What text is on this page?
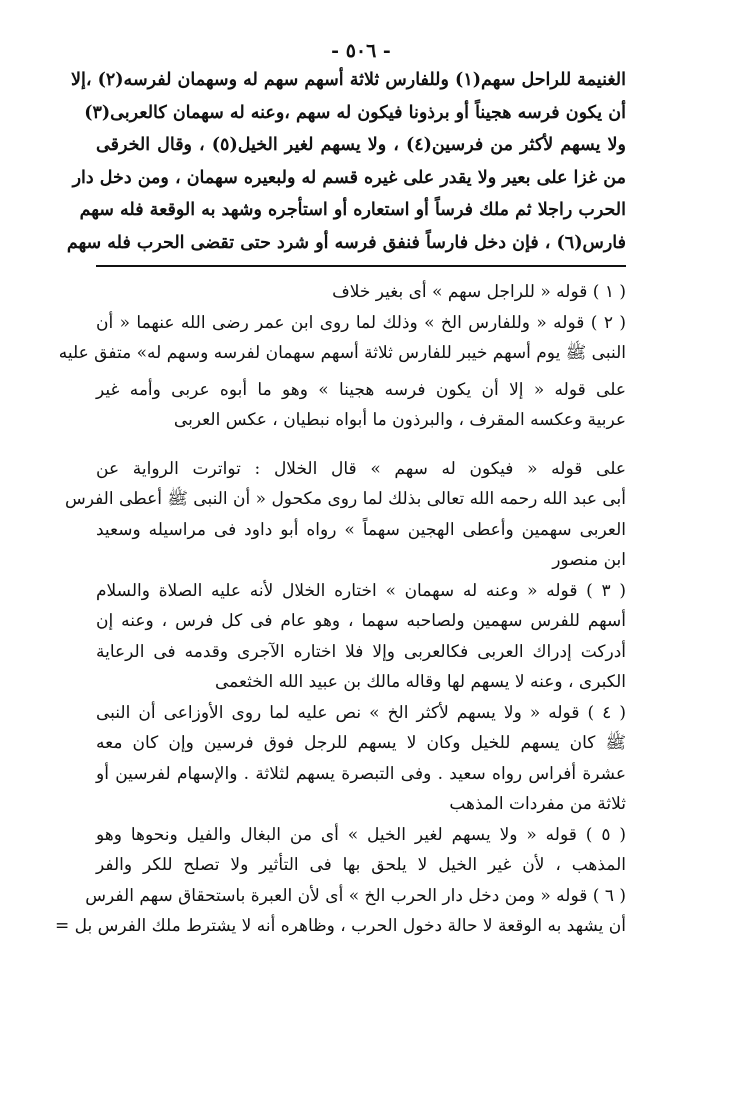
- ٥٠٦ -

الغنيمة للراحل سهم(١) وللفارس ثلاثة أسهم سهم له وسهمان لفرسه(٢) ،إلا
أن يكون فرسه هجيناً أو برذونا فيكون له سهم ،وعنه له سهمان كالعربى(٣)
ولا يسهم لأكثر من فرسين(٤) ، ولا يسهم لغير الخيل(٥) ، وقال الخرقى
من غزا على بعير ولا يقدر على غيره قسم له ولبعيره سهمان ، ومن دخل دار
الحرب راجلا ثم ملك فرساً أو استعاره أو استأجره وشهد به الوقعة فله سهم
فارس(٦) ، فإن دخل فارساً فنفق فرسه أو شرد حتى تقضى الحرب فله سهم

( ١ ) قوله « للراجل سهم » أى بغير خلاف

( ٢ ) قوله « وللفارس الخ » وذلك لما روى ابن عمر رضى الله عنهما « أن
النبى ﷺ يوم أسهم خيبر للفارس ثلاثة أسهم سهمان لفرسه وسهم له» متفق عليه

على قوله « إلا أن يكون فرسه هجينا » وهو ما أبوه عربى وأمه غير
عربية وعكسه المقرف ، والبرذون ما أبواه نبطيان ، عكس العربى

على قوله « فيكون له سهم » قال الخلال : تواترت الرواية عن
أبى عبد الله رحمه الله تعالى بذلك لما روى مكحول « أن النبى ﷺ أعطى الفرس
العربى سهمين وأعطى الهجين سهماً » رواه أبو داود فى مراسيله وسعيد
ابن منصور

( ٣ ) قوله « وعنه له سهمان » اختاره الخلال لأنه عليه الصلاة والسلام
أسهم للفرس سهمين ولصاحبه سهما ، وهو عام فى كل فرس ، وعنه إن
أدركت إدراك العربى فكالعربى وإلا فلا اختاره الآجرى وقدمه فى الرعاية
الكبرى ، وعنه لا يسهم لها وقاله مالك بن عبيد الله الخثعمى

( ٤ ) قوله « ولا يسهم لأكثر الخ » نص عليه لما روى الأوزاعى أن النبى
ﷺ كان يسهم للخيل وكان لا يسهم للرجل فوق فرسين وإن كان معه
عشرة أفراس رواه سعيد . وفى التبصرة يسهم لثلاثة . والإسهام لفرسين أو
ثلاثة من مفردات المذهب

( ٥ ) قوله « ولا يسهم لغير الخيل » أى من البغال والفيل ونحوها وهو
المذهب ، لأن غير الخيل لا يلحق بها فى التأثير ولا تصلح للكر والفر

( ٦ ) قوله « ومن دخل دار الحرب الخ » أى لأن العبرة باستحقاق سهم الفرس
أن يشهد به الوقعة لا حالة دخول الحرب ، وظاهره أنه لا يشترط ملك الفرس بل =
